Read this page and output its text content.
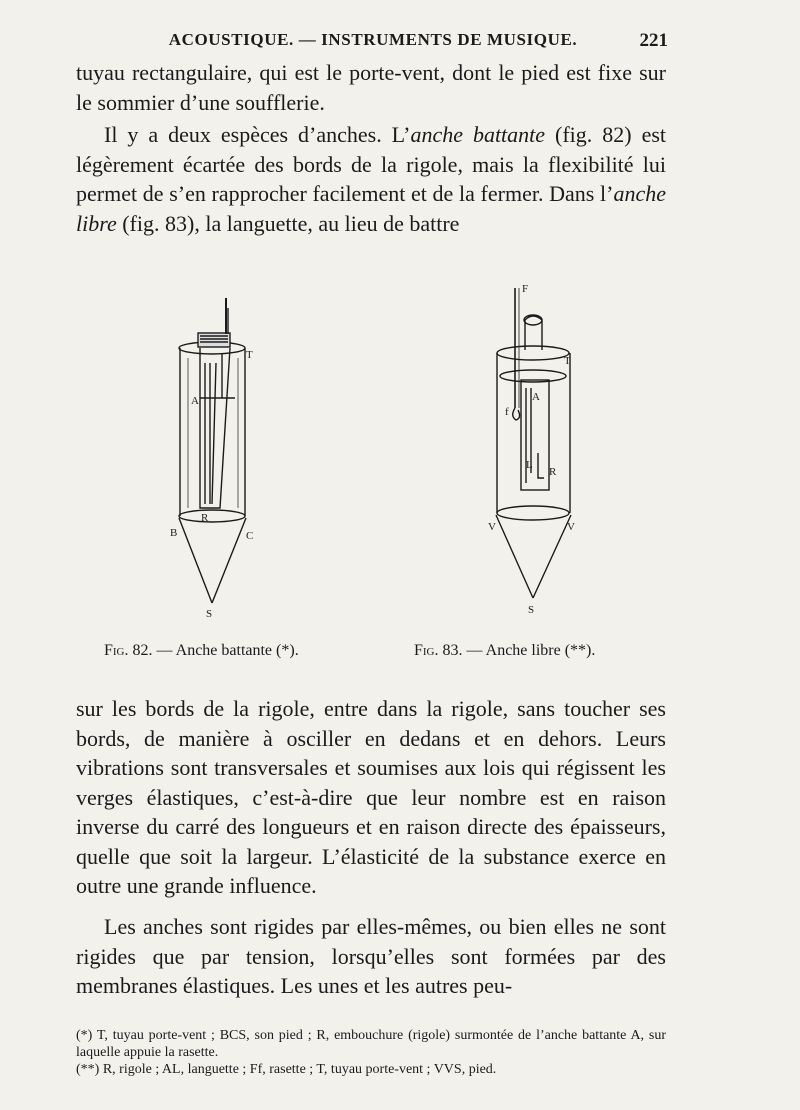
ACOUSTIQUE. — INSTRUMENTS DE MUSIQUE.	221

tuyau rectangulaire, qui est le porte-vent, dont le pied est fixe sur le sommier d’une soufflerie.

Il y a deux espèces d’anches. L’anche battante (fig. 82) est légèrement écartée des bords de la rigole, mais la flexibilité lui permet de s’en rapprocher facilement et de la fermer. Dans l’anche libre (fig. 83), la languette, au lieu de battre

T
A
R
B	C
S
F
f
T
A
L
R
V	V
S
Fig. 82. — Anche battante (*).	Fig. 83. — Anche libre (**).

sur les bords de la rigole, entre dans la rigole, sans toucher ses bords, de manière à osciller en dedans et en dehors. Leurs vibrations sont transversales et soumises aux lois qui régissent les verges élastiques, c’est-à-dire que leur nombre est en raison inverse du carré des longueurs et en raison directe des épaisseurs, quelle que soit la largeur. L’élasticité de la substance exerce en outre une grande influence.

Les anches sont rigides par elles-mêmes, ou bien elles ne sont rigides que par tension, lorsqu’elles sont formées par des membranes élastiques. Les unes et les autres peu-

(*) T, tuyau porte-vent ; BCS, son pied ; R, embouchure (rigole) surmontée de l’anche battante A, sur laquelle appuie la rasette.
(**) R, rigole ; AL, languette ; Ff, rasette ; T, tuyau porte-vent ; VVS, pied.
